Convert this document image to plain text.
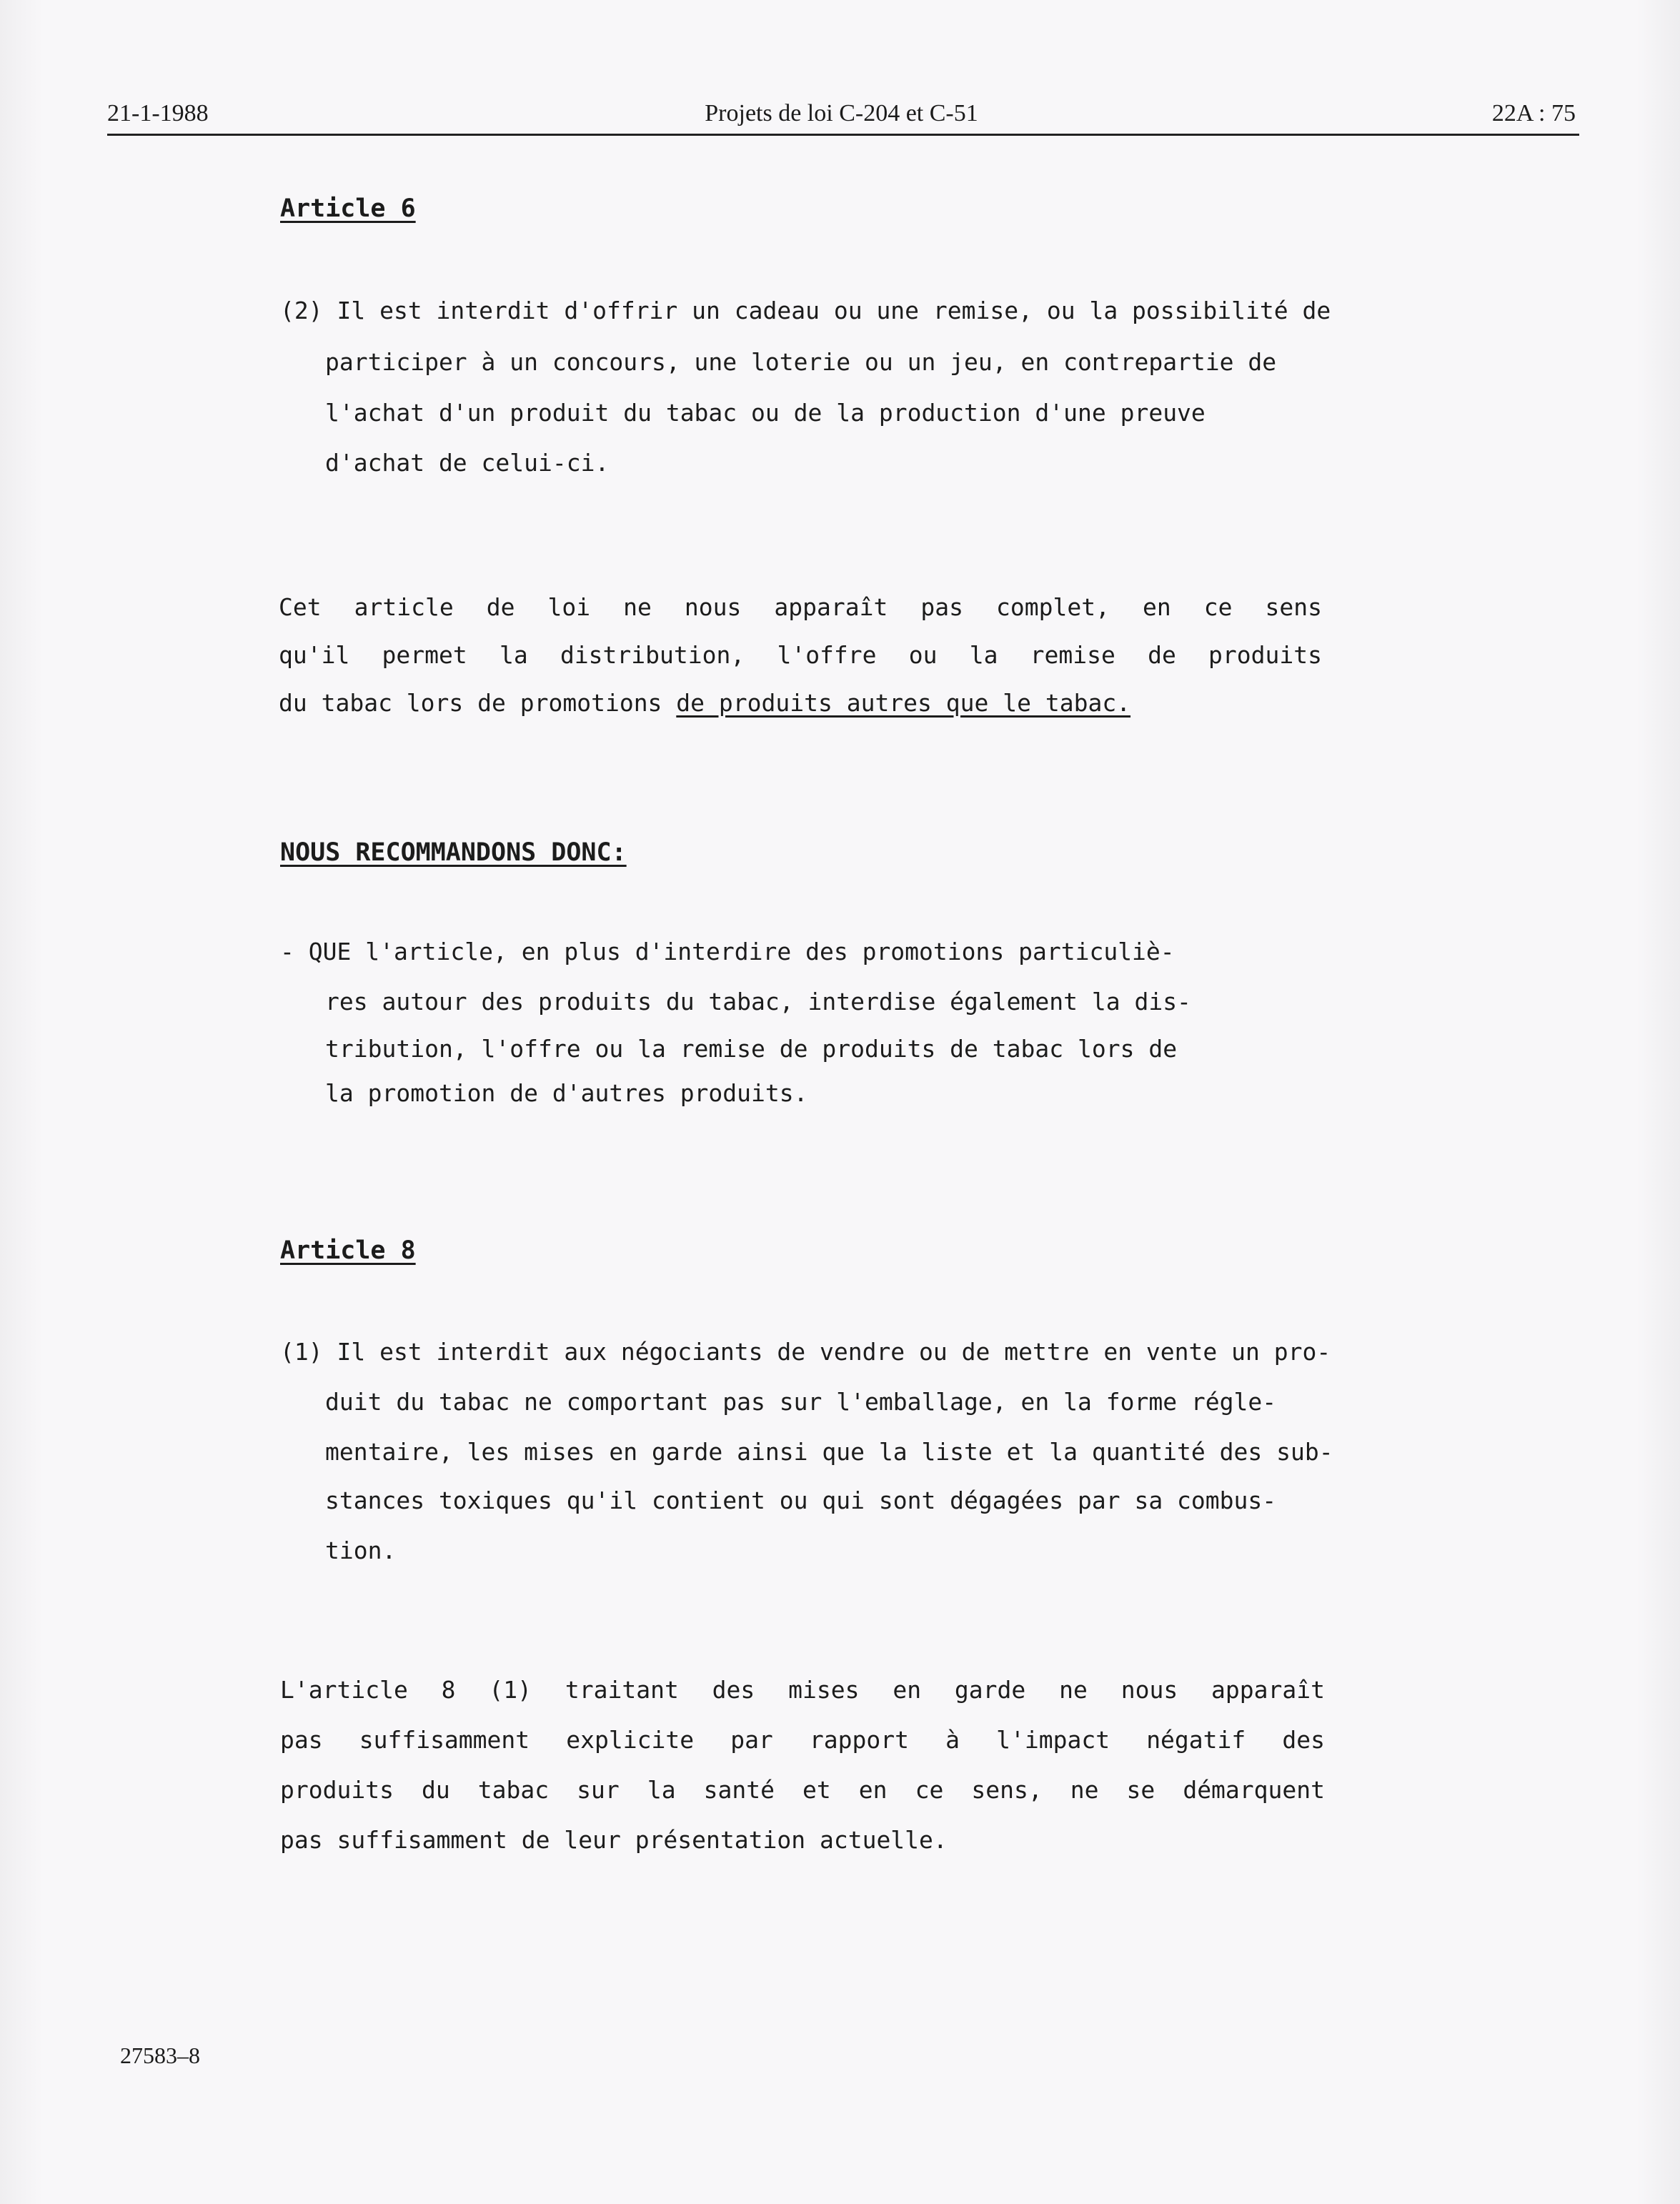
21-1-1988	Projets de loi C-204 et C-51	22A : 75
Article 6
(2) Il est interdit d'offrir un cadeau ou une remise, ou la possibilité de
participer à un concours, une loterie ou un jeu, en contrepartie de
l'achat d'un produit du tabac ou de la production d'une preuve
d'achat de celui-ci.
Cet article de loi ne nous apparaît pas complet, en ce sens
qu'il permet la distribution, l'offre ou la remise de produits
du tabac lors de promotions de produits autres que le tabac.
NOUS RECOMMANDONS DONC:
- QUE l'article, en plus d'interdire des promotions particuliè-
res autour des produits du tabac, interdise également la dis-
tribution, l'offre ou la remise de produits de tabac lors de
la promotion de d'autres produits.
Article 8
(1) Il est interdit aux négociants de vendre ou de mettre en vente un pro-
duit du tabac ne comportant pas sur l'emballage, en la forme régle-
mentaire, les mises en garde ainsi que la liste et la quantité des sub-
stances toxiques qu'il contient ou qui sont dégagées par sa combus-
tion.
L'article 8 (1) traitant des mises en garde ne nous apparaît
pas suffisamment explicite par rapport à l'impact négatif des
produits du tabac sur la santé et en ce sens, ne se démarquent
pas suffisamment de leur présentation actuelle.
27583–8
